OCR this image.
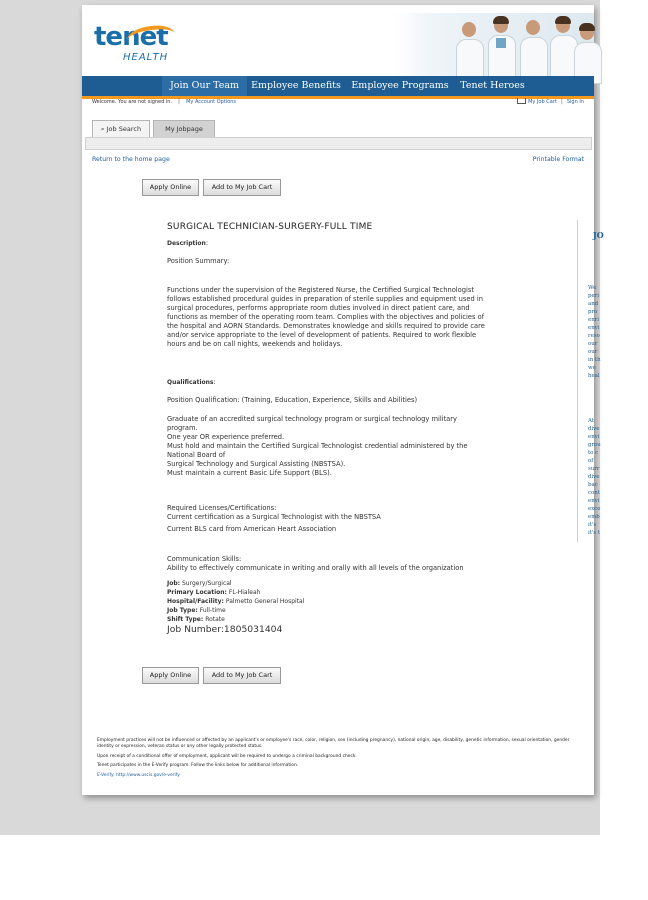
tenet
HEALTH
Join Our Team	Employee Benefits	Employee Programs	Tenet Heroes
Welcome. You are not signed in. | My Account Options	My Job Cart | Sign In
⌕ Job Search	My Jobpage
Return to the home page	Printable Format
Apply Online	Add to My Job Cart
SURGICAL TECHNICIAN-SURGERY-FULL TIME

Description:

Position Summary:

Functions under the supervision of the Registered Nurse, the Certified Surgical Technologist follows established procedural guides in preparation of sterile supplies and equipment used in surgical procedures, performs appropriate room duties involved in direct patient care, and functions as member of the operating room team. Complies with the objectives and policies of the hospital and AORN Standards. Demonstrates knowledge and skills required to provide care and/or service appropriate to the level of development of patients. Required to work flexible hours and be on call nights, weekends and holidays.

Qualifications:

Position Qualification: (Training, Education, Experience, Skills and Abilities)

Graduate of an accredited surgical technology program or surgical technology military program.
One year OR experience preferred.
Must hold and maintain the Certified Surgical Technologist credential administered by the National Board of
Surgical Technology and Surgical Assisting (NBSTSA).
Must maintain a current Basic Life Support (BLS).

Required Licenses/Certifications:
Current certification as a Surgical Technologist with the NBSTSA

Current BLS card from American Heart Association

Communication Skills:
Ability to effectively communicate in writing and orally with all levels of the organization

Job: Surgery/Surgical
Primary Location: FL-Hialeah
Hospital/Facility: Palmetto General Hospital
Job Type: Full-time
Shift Type: Rotate
Job Number:1805031404
JO

We
peri
and
pro
enri
envi
reso
our
our
in th
we
heal

At
dive
envi
grou
to c
of
surr
dive
bac
cont
envi
exce
emb
it's
it's t

Apply Online	Add to My Job Cart

Employment practices will not be influenced or affected by an applicant's or employee's race, color, religion, sex (including pregnancy), national origin, age, disability, genetic information, sexual orientation, gender identity or expression, veteran status or any other legally protected status.

Upon receipt of a conditional offer of employment, applicant will be required to undergo a criminal background check.

Tenet participates in the E-Verify program. Follow the links below for additional information.

E-Verify: http://www.uscis.gov/e-verify
